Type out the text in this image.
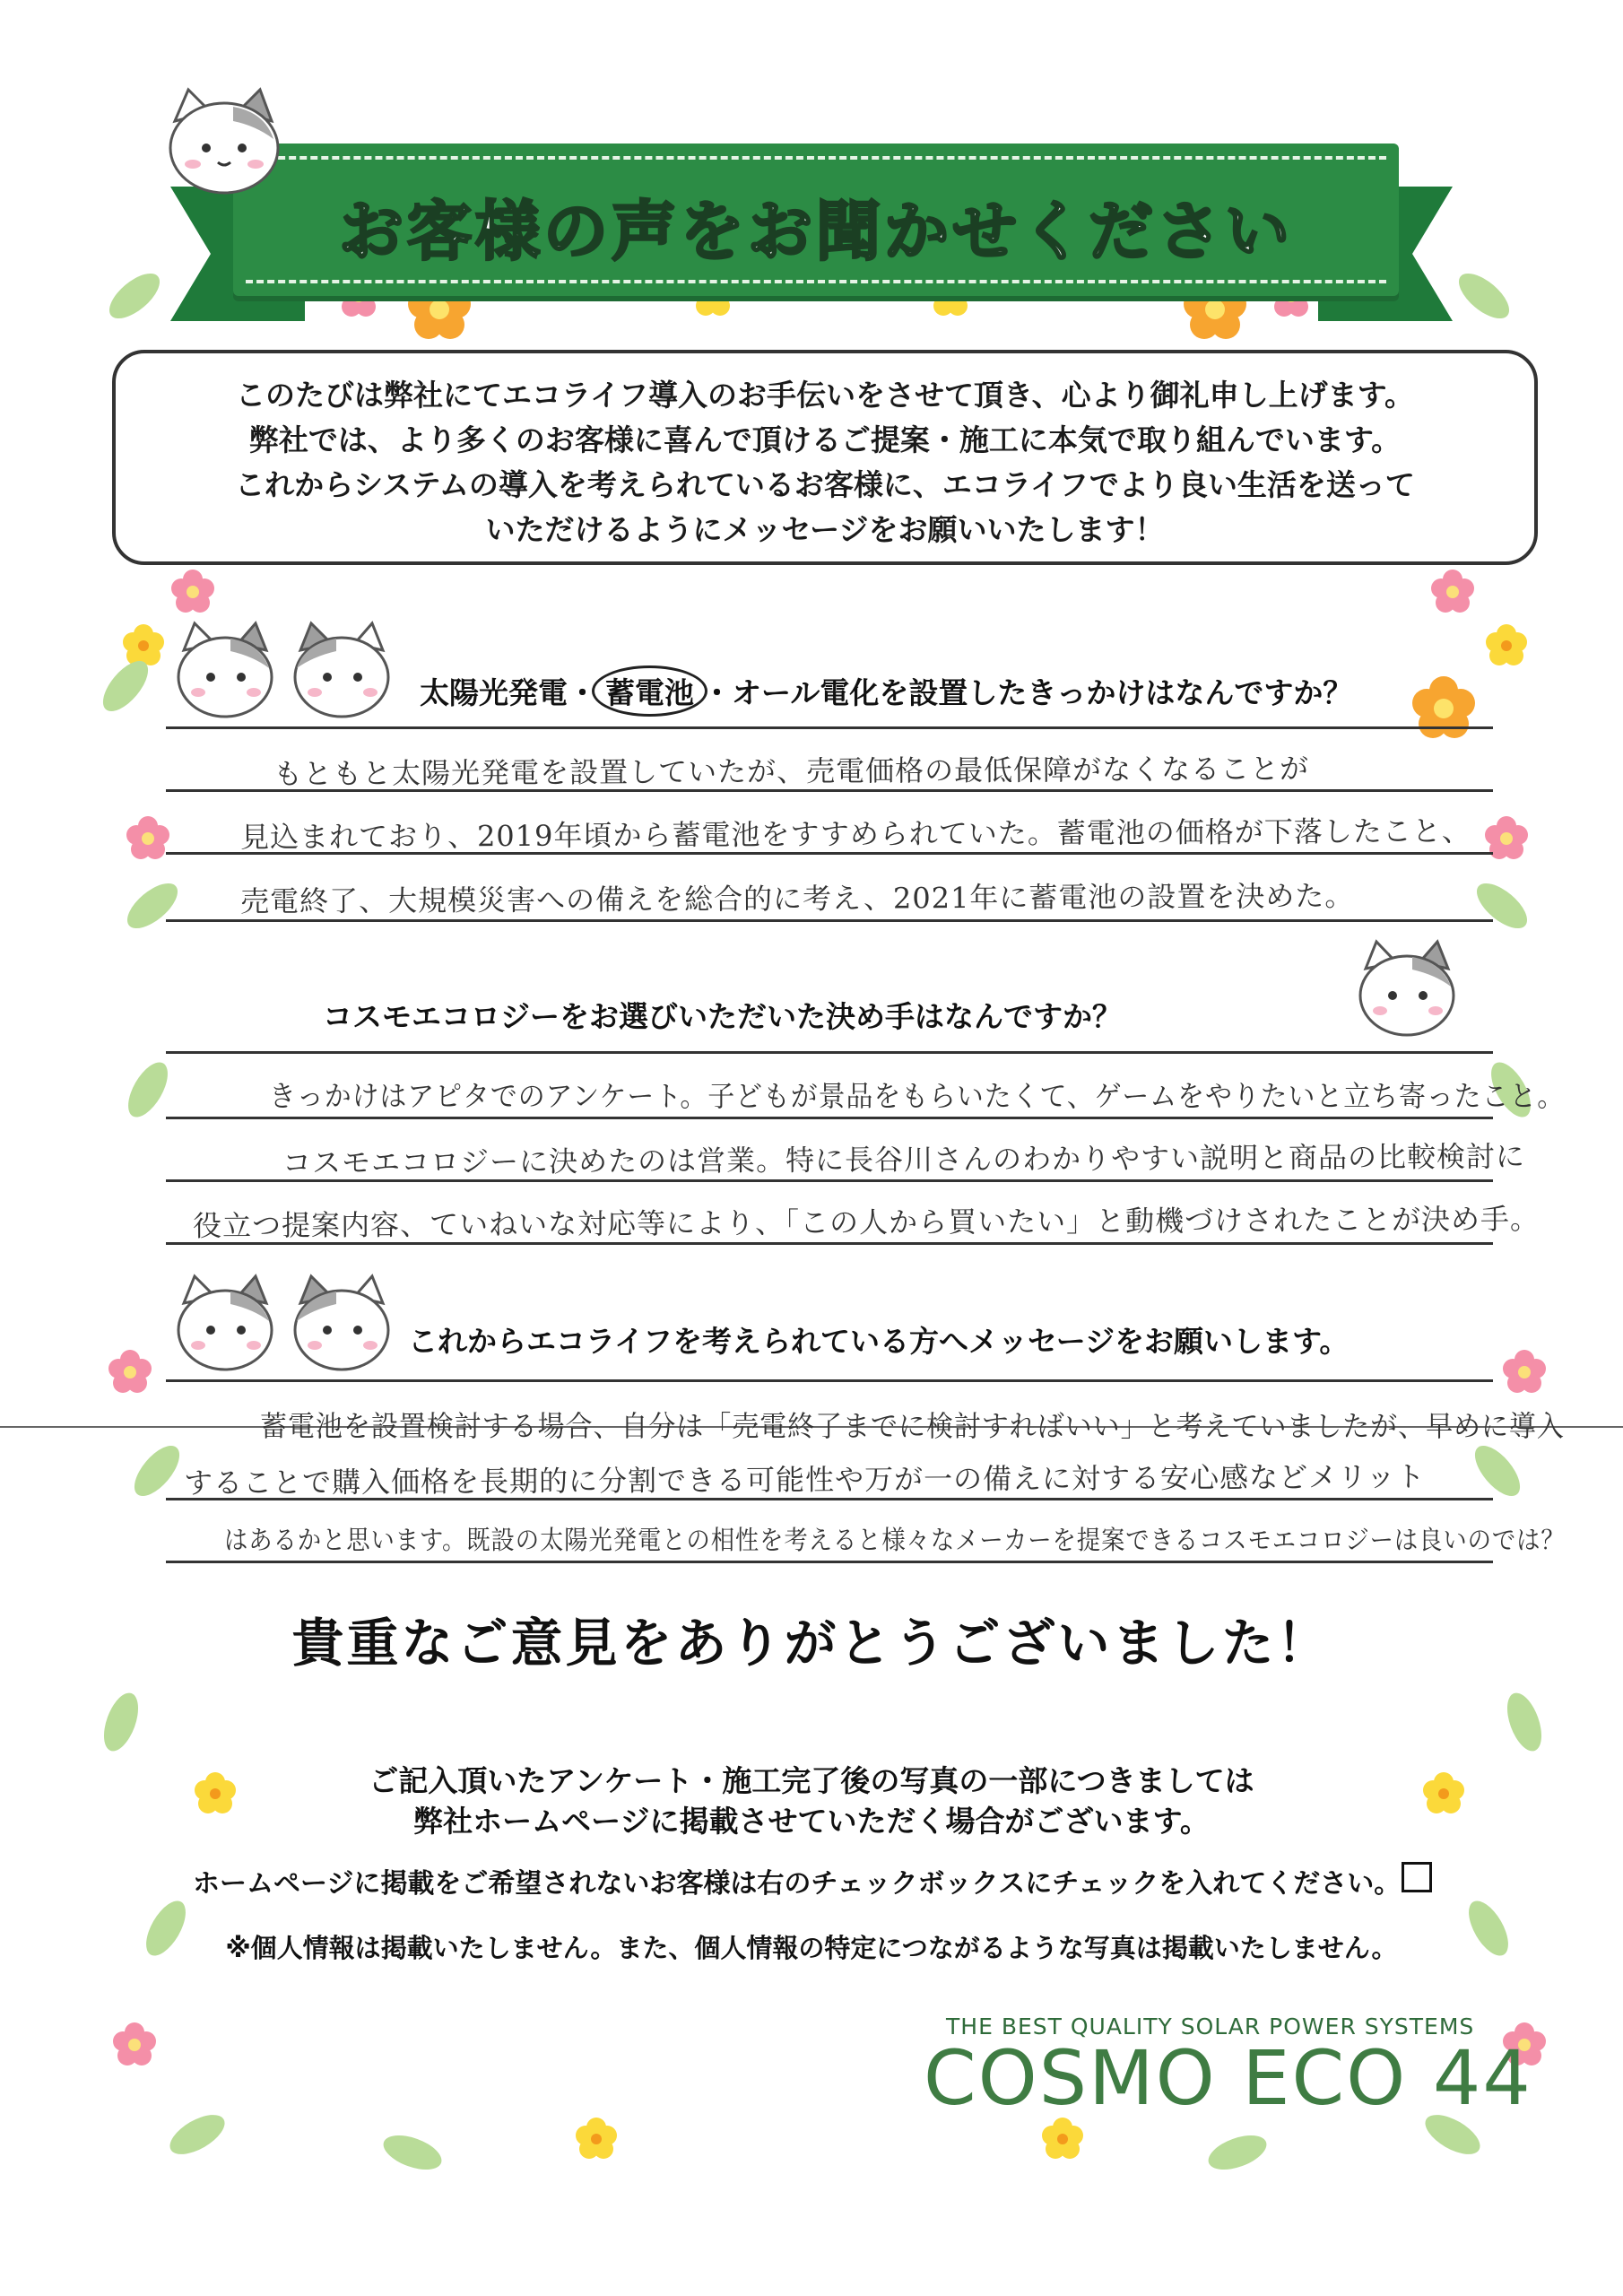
お客様の声をお聞かせください

このたびは弊社にてエコライフ導入のお手伝いをさせて頂き、心より御礼申し上げます。

弊社では、より多くのお客様に喜んで頂けるご提案・施工に本気で取り組んでいます。

これからシステムの導入を考えられているお客様に、エコライフでより良い生活を送って

いただけるようにメッセージをお願いいたします！

太陽光発電・ 蓄電池 ・オール電化を設置したきっかけはなんですか？
もともと太陽光発電を設置していたが、売電価格の最低保障がなくなることが
見込まれており、2019年頃から蓄電池をすすめられていた。蓄電池の価格が下落したこと、
売電終了、大規模災害への備えを総合的に考え、2021年に蓄電池の設置を決めた。
コスモエコロジーをお選びいただいた決め手はなんですか？
きっかけはアピタでのアンケート。子どもが景品をもらいたくて、ゲームをやりたいと立ち寄ったこと。
コスモエコロジーに決めたのは営業。特に長谷川さんのわかりやすい説明と商品の比較検討に
役立つ提案内容、ていねいな対応等により、「この人から買いたい」と動機づけされたことが決め手。
これからエコライフを考えられている方へメッセージをお願いします。
蓄電池を設置検討する場合、自分は「売電終了までに検討すればいい」と考えていましたが、早めに導入
することで購入価格を長期的に分割できる可能性や万が一の備えに対する安心感などメリット
はあるかと思います。既設の太陽光発電との相性を考えると様々なメーカーを提案できるコスモエコロジーは良いのでは？
貴重なご意見をありがとうございました！
ご記入頂いたアンケート・施工完了後の写真の一部につきましては
弊社ホームページに掲載させていただく場合がございます。
ホームページに掲載をご希望されないお客様は右のチェックボックスにチェックを入れてください。
※個人情報は掲載いたしません。また、個人情報の特定につながるような写真は掲載いたしません。
THE BEST QUALITY SOLAR POWER SYSTEMS
COSMO ECO 44
